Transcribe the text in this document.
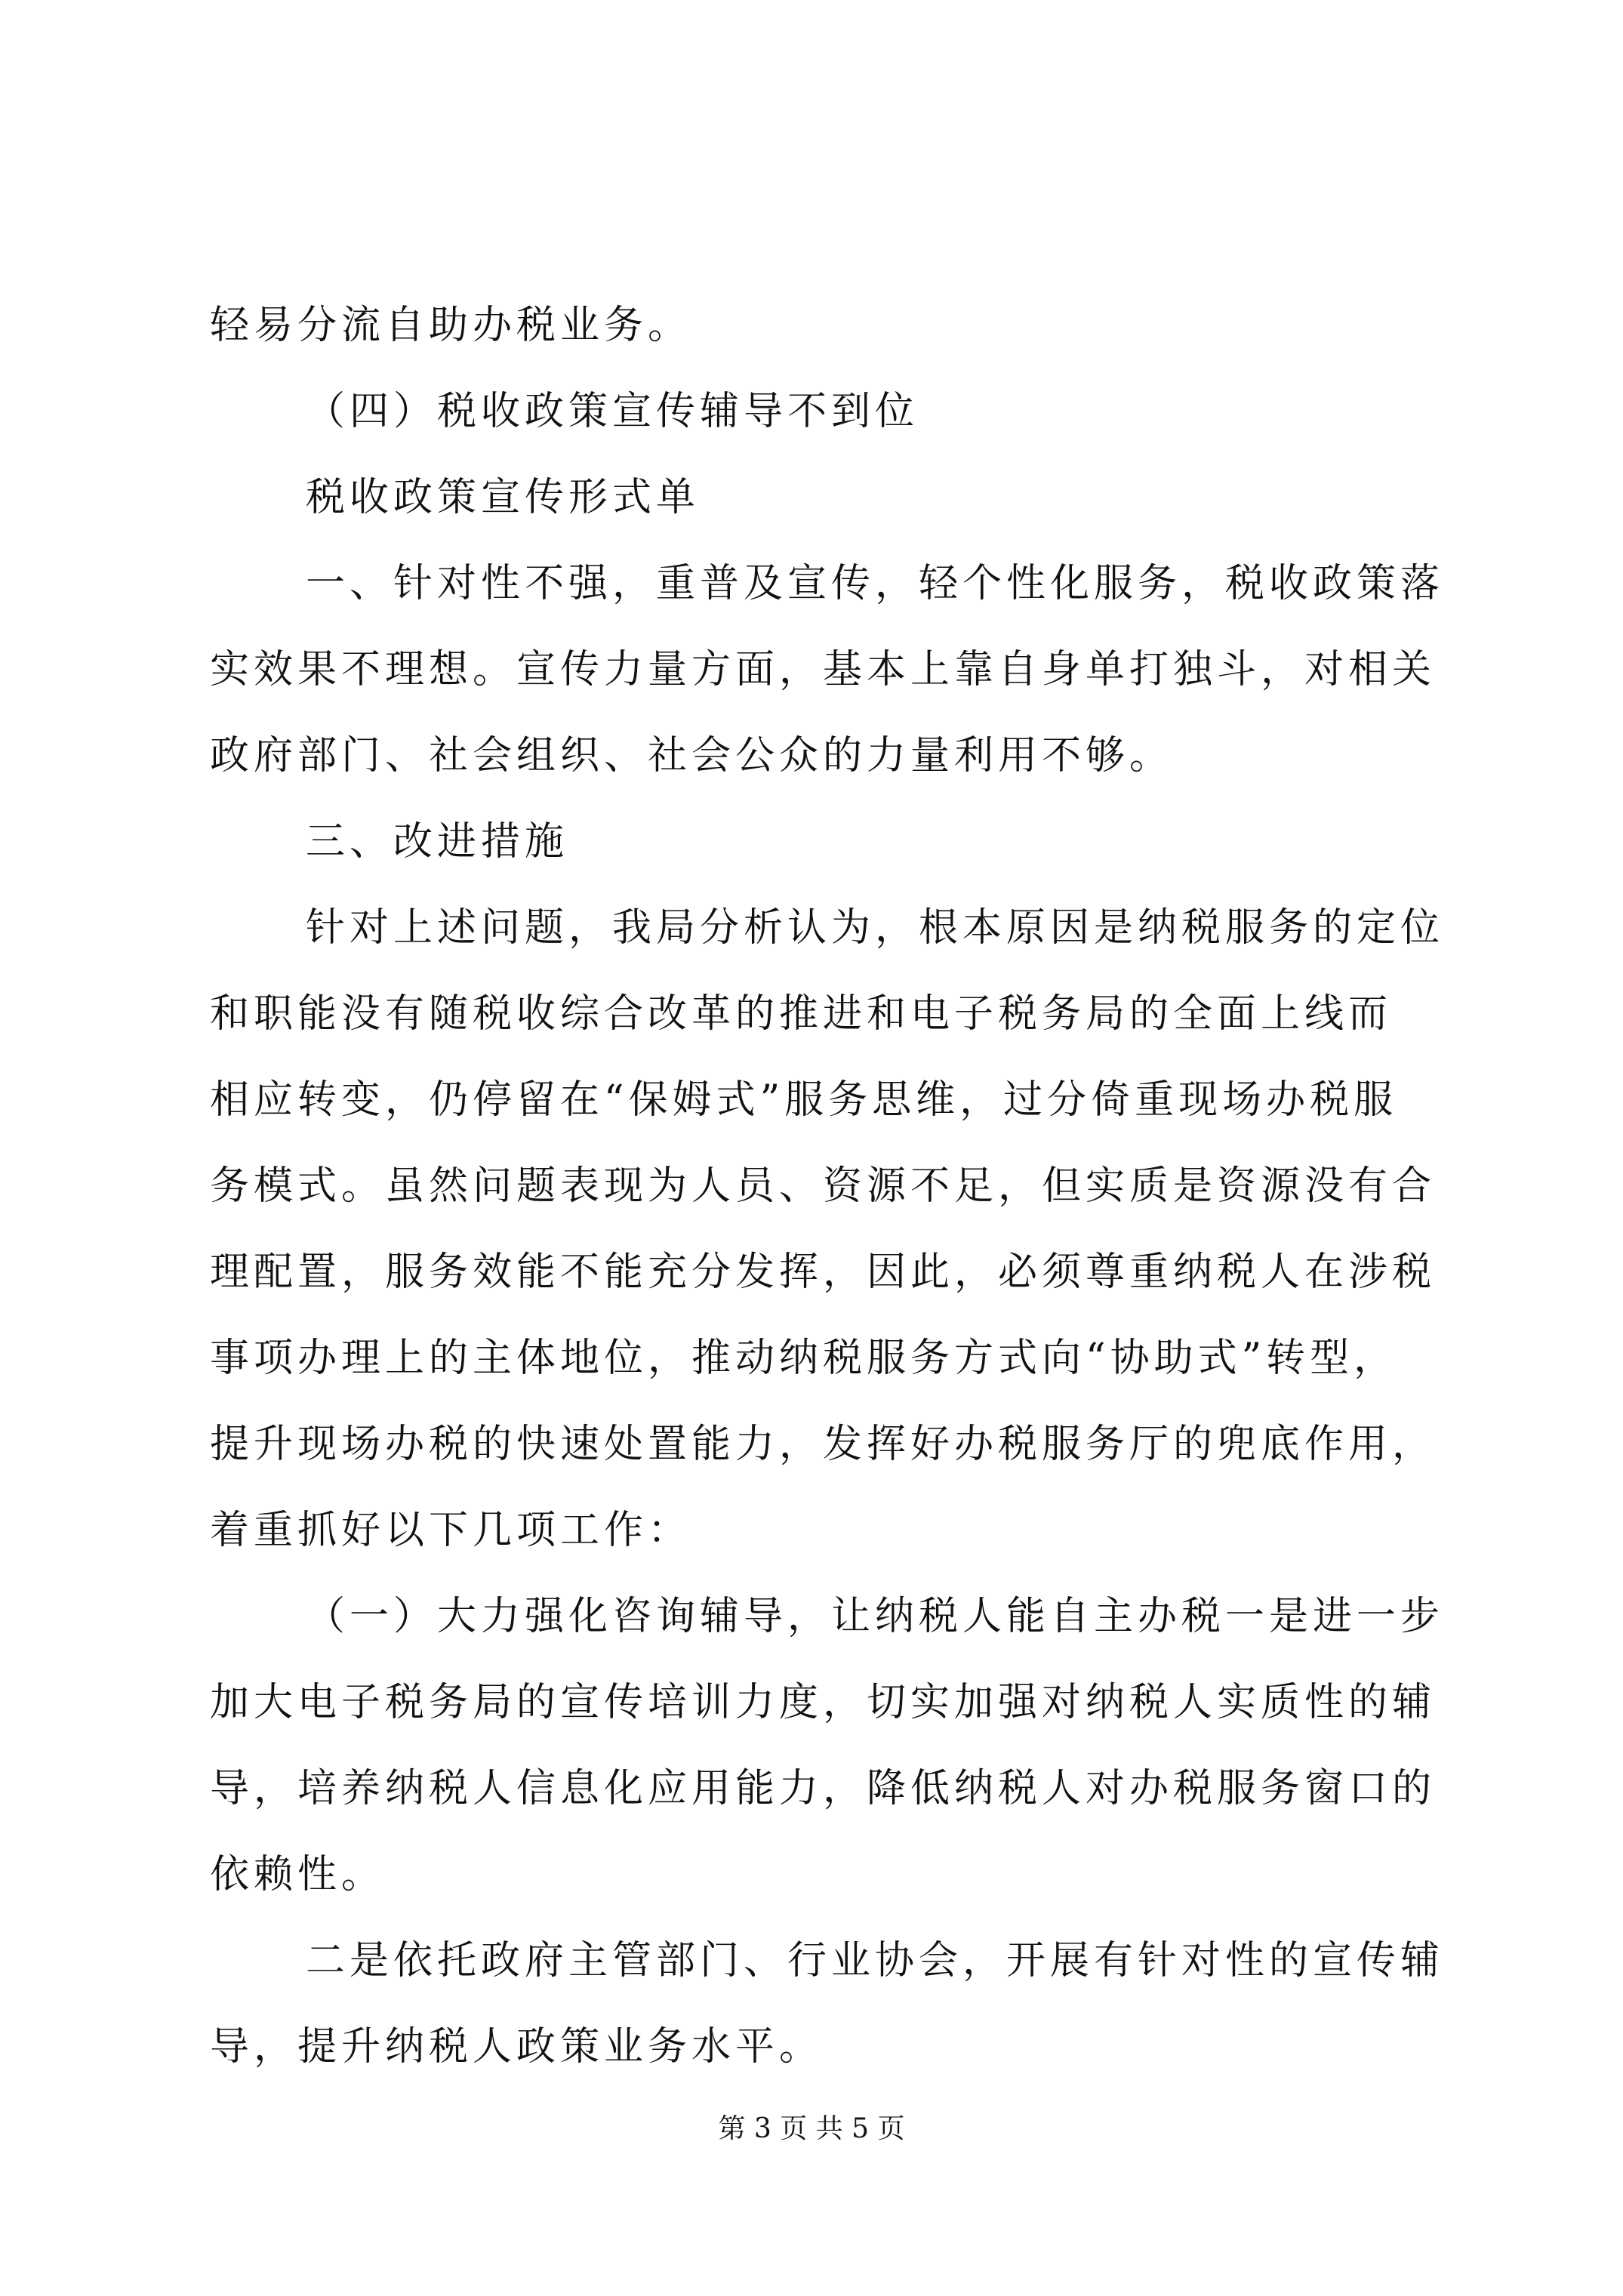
轻易分流自助办税业务。
（四）税收政策宣传辅导不到位
税收政策宣传形式单
一、针对性不强，重普及宣传，轻个性化服务，税收政策落
实效果不理想。宣传力量方面，基本上靠自身单打独斗，对相关
政府部门、社会组织、社会公众的力量利用不够。
三、改进措施
针对上述问题，我局分析认为，根本原因是纳税服务的定位
和职能没有随税收综合改革的推进和电子税务局的全面上线而
相应转变，仍停留在“保姆式”服务思维，过分倚重现场办税服
务模式。虽然问题表现为人员、资源不足，但实质是资源没有合
理配置，服务效能不能充分发挥，因此，必须尊重纳税人在涉税
事项办理上的主体地位，推动纳税服务方式向“协助式”转型，
提升现场办税的快速处置能力，发挥好办税服务厅的兜底作用，
着重抓好以下几项工作：
（一）大力强化咨询辅导，让纳税人能自主办税一是进一步
加大电子税务局的宣传培训力度，切实加强对纳税人实质性的辅
导，培养纳税人信息化应用能力，降低纳税人对办税服务窗口的
依赖性。
二是依托政府主管部门、行业协会，开展有针对性的宣传辅
导，提升纳税人政策业务水平。
第 3 页 共 5 页
